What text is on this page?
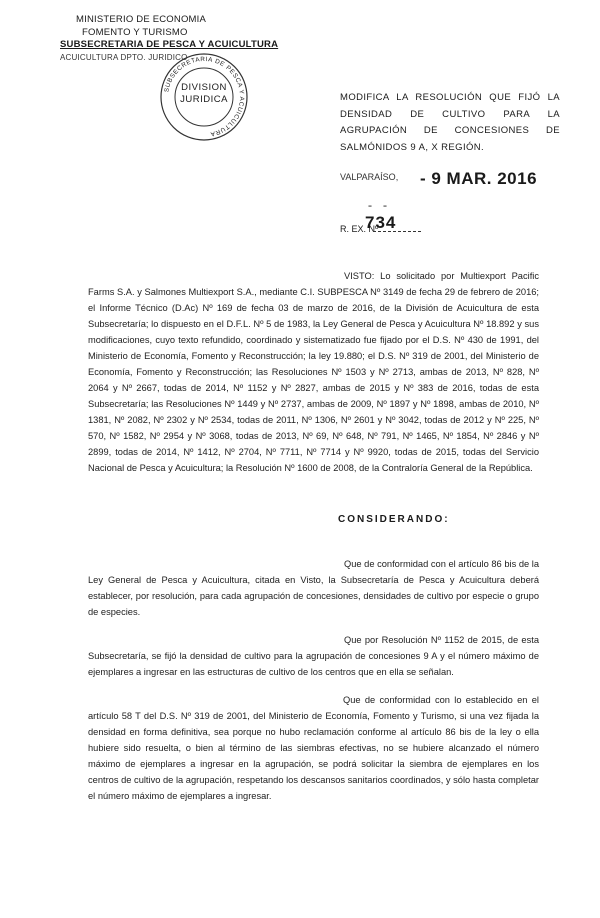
MINISTERIO DE ECONOMIA
FOMENTO Y TURISMO
SUBSECRETARIA DE PESCA Y ACUICULTURA
ACUICULTURA DPTO. JURIDICO
SUBSECRETARIA DE PESCA Y ACUICULTURA
DIVISION
JURIDICA	MODIFICA LA RESOLUCIÓN QUE FIJÓ LA DENSIDAD DE CULTIVO PARA LA AGRUPACIÓN DE CONCESIONES DE SALMÓNIDOS 9 A, X REGIÓN.
VALPARAÍSO, - 9 MAR. 2016
- -
R. EX. Nº
734
VISTO: Lo solicitado por Multiexport Pacific Farms S.A. y Salmones Multiexport S.A., mediante C.I. SUBPESCA Nº 3149 de fecha 29 de febrero de 2016; el Informe Técnico (D.Ac) Nº 169 de fecha 03 de marzo de 2016, de la División de Acuicultura de esta Subsecretaría; lo dispuesto en el D.F.L. Nº 5 de 1983, la Ley General de Pesca y Acuicultura Nº 18.892 y sus modificaciones, cuyo texto refundido, coordinado y sistematizado fue fijado por el D.S. Nº 430 de 1991, del Ministerio de Economía, Fomento y Reconstrucción; la ley 19.880; el D.S. Nº 319 de 2001, del Ministerio de Economía, Fomento y Reconstrucción; las Resoluciones Nº 1503 y Nº 2713, ambas de 2013, Nº 828, Nº 2064 y Nº 2667, todas de 2014, Nº 1152 y Nº 2827, ambas de 2015 y Nº 383 de 2016, todas de esta Subsecretaría; las Resoluciones Nº 1449 y Nº 2737, ambas de 2009, Nº 1897 y Nº 1898, ambas de 2010, Nº 1381, Nº 2082, Nº 2302 y Nº 2534, todas de 2011, Nº 1306, Nº 2601 y Nº 3042, todas de 2012 y Nº 225, Nº 570, Nº 1582, Nº 2954 y Nº 3068, todas de 2013, Nº 69, Nº 648, Nº 791, Nº 1465, Nº 1854, Nº 2846 y Nº 2899, todas de 2014, Nº 1412, Nº 2704, Nº 7711, Nº 7714 y Nº 9920, todas de 2015, todas del Servicio Nacional de Pesca y Acuicultura; la Resolución Nº 1600 de 2008, de la Contraloría General de la República.
CONSIDERANDO:
Que de conformidad con el artículo 86 bis de la Ley General de Pesca y Acuicultura, citada en Visto, la Subsecretaría de Pesca y Acuicultura deberá establecer, por resolución, para cada agrupación de concesiones, densidades de cultivo por especie o grupo de especies.
Que por Resolución Nº 1152 de 2015, de esta Subsecretaría, se fijó la densidad de cultivo para la agrupación de concesiones 9 A y el número máximo de ejemplares a ingresar en las estructuras de cultivo de los centros que en ella se señalan.
Que de conformidad con lo establecido en el artículo 58 T del D.S. Nº 319 de 2001, del Ministerio de Economía, Fomento y Turismo, si una vez fijada la densidad en forma definitiva, sea porque no hubo reclamación conforme al artículo 86 bis de la ley o ella hubiere sido resuelta, o bien al término de las siembras efectivas, no se hubiere alcanzado el número máximo de ejemplares a ingresar en la agrupación, se podrá solicitar la siembra de ejemplares en los centros de cultivo de la agrupación, respetando los descansos sanitarios coordinados, y sólo hasta completar el número máximo de ejemplares a ingresar.
